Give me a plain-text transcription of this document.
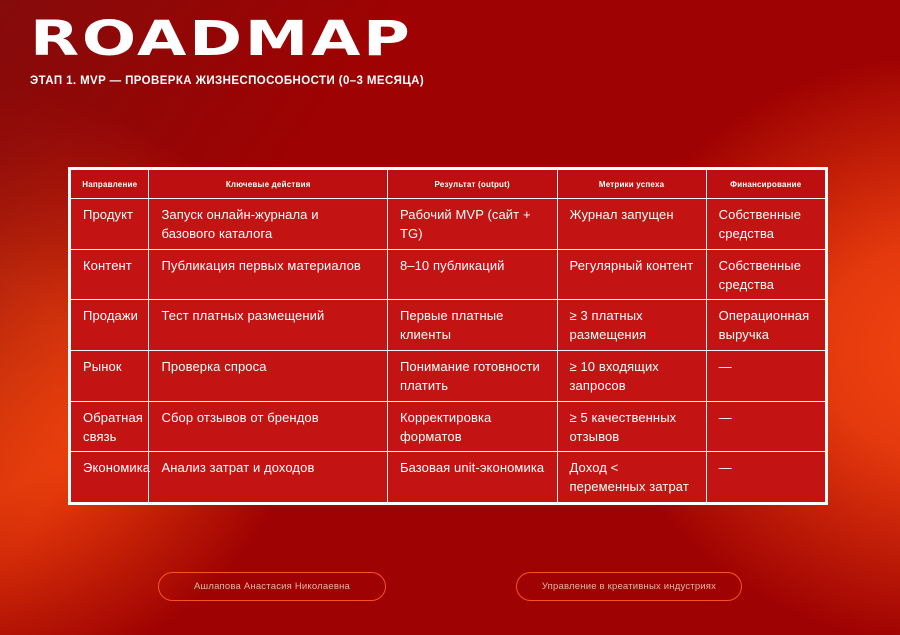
ROADMAP
ЭТАП 1. MVP — ПРОВЕРКА ЖИЗНЕСПОСОБНОСТИ (0–3 МЕСЯЦА)
Направление	Ключевые действия	Результат (output)	Метрики успеха	Финансирование
Продукт	Запуск онлайн-журнала и базового каталога	Рабочий MVP (сайт + TG)	Журнал запущен	Собственные средства
Контент	Публикация первых материалов	8–10 публикаций	Регулярный контент	Собственные средства
Продажи	Тест платных размещений	Первые платные клиенты	≥ 3 платных размещения	Операционная выручка
Рынок	Проверка спроса	Понимание готовности платить	≥ 10 входящих запросов	—
Обратная связь	Сбор отзывов от брендов	Корректировка форматов	≥ 5 качественных отзывов	—
Экономика	Анализ затрат и доходов	Базовая unit-экономика	Доход < переменных затрат	—
Ашлапова Анастасия Николаевна	Управление в креативных индустриях
